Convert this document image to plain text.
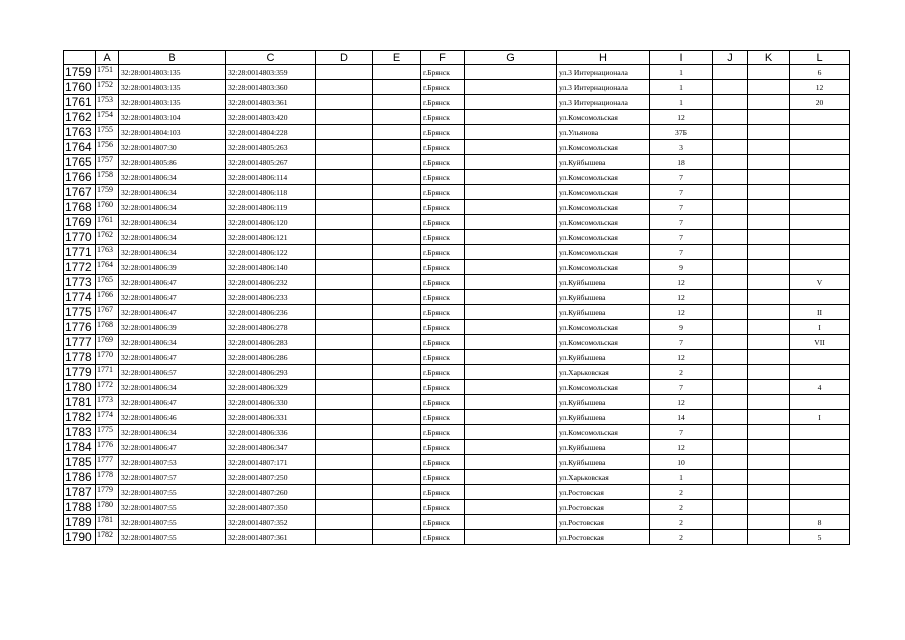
	A	B	C	D	E	F	G	H	I	J	K	L
1759	1751	32:28:0014803:135	32:28:0014803:359			г.Брянск		ул.3 Интернационала	1			6
1760	1752	32:28:0014803:135	32:28:0014803:360			г.Брянск		ул.3 Интернационала	1			12
1761	1753	32:28:0014803:135	32:28:0014803:361			г.Брянск		ул.3 Интернационала	1			20
1762	1754	32:28:0014803:104	32:28:0014803:420			г.Брянск		ул.Комсомольская	12			
1763	1755	32:28:0014804:103	32:28:0014804:228			г.Брянск		ул.Ульянова	37Б			
1764	1756	32:28:0014807:30	32:28:0014805:263			г.Брянск		ул.Комсомольская	3			
1765	1757	32:28:0014805:86	32:28:0014805:267			г.Брянск		ул.Куйбышева	18			
1766	1758	32:28:0014806:34	32:28:0014806:114			г.Брянск		ул.Комсомольская	7			
1767	1759	32:28:0014806:34	32:28:0014806:118			г.Брянск		ул.Комсомольская	7			
1768	1760	32:28:0014806:34	32:28:0014806:119			г.Брянск		ул.Комсомольская	7			
1769	1761	32:28:0014806:34	32:28:0014806:120			г.Брянск		ул.Комсомольская	7			
1770	1762	32:28:0014806:34	32:28:0014806:121			г.Брянск		ул.Комсомольская	7			
1771	1763	32:28:0014806:34	32:28:0014806:122			г.Брянск		ул.Комсомольская	7			
1772	1764	32:28:0014806:39	32:28:0014806:140			г.Брянск		ул.Комсомольская	9			
1773	1765	32:28:0014806:47	32:28:0014806:232			г.Брянск		ул.Куйбышева	12			V
1774	1766	32:28:0014806:47	32:28:0014806:233			г.Брянск		ул.Куйбышева	12			
1775	1767	32:28:0014806:47	32:28:0014806:236			г.Брянск		ул.Куйбышева	12			II
1776	1768	32:28:0014806:39	32:28:0014806:278			г.Брянск		ул.Комсомольская	9			I
1777	1769	32:28:0014806:34	32:28:0014806:283			г.Брянск		ул.Комсомольская	7			VII
1778	1770	32:28:0014806:47	32:28:0014806:286			г.Брянск		ул.Куйбышева	12			
1779	1771	32:28:0014806:57	32:28:0014806:293			г.Брянск		ул.Харьковская	2			
1780	1772	32:28:0014806:34	32:28:0014806:329			г.Брянск		ул.Комсомольская	7			4
1781	1773	32:28:0014806:47	32:28:0014806:330			г.Брянск		ул.Куйбышева	12			
1782	1774	32:28:0014806:46	32:28:0014806:331			г.Брянск		ул.Куйбышева	14			I
1783	1775	32:28:0014806:34	32:28:0014806:336			г.Брянск		ул.Комсомольская	7			
1784	1776	32:28:0014806:47	32:28:0014806:347			г.Брянск		ул.Куйбышева	12			
1785	1777	32:28:0014807:53	32:28:0014807:171			г.Брянск		ул.Куйбышева	10			
1786	1778	32:28:0014807:57	32:28:0014807:250			г.Брянск		ул.Харьковская	1			
1787	1779	32:28:0014807:55	32:28:0014807:260			г.Брянск		ул.Ростовская	2			
1788	1780	32:28:0014807:55	32:28:0014807:350			г.Брянск		ул.Ростовская	2			
1789	1781	32:28:0014807:55	32:28:0014807:352			г.Брянск		ул.Ростовская	2			8
1790	1782	32:28:0014807:55	32:28:0014807:361			г.Брянск		ул.Ростовская	2			5
